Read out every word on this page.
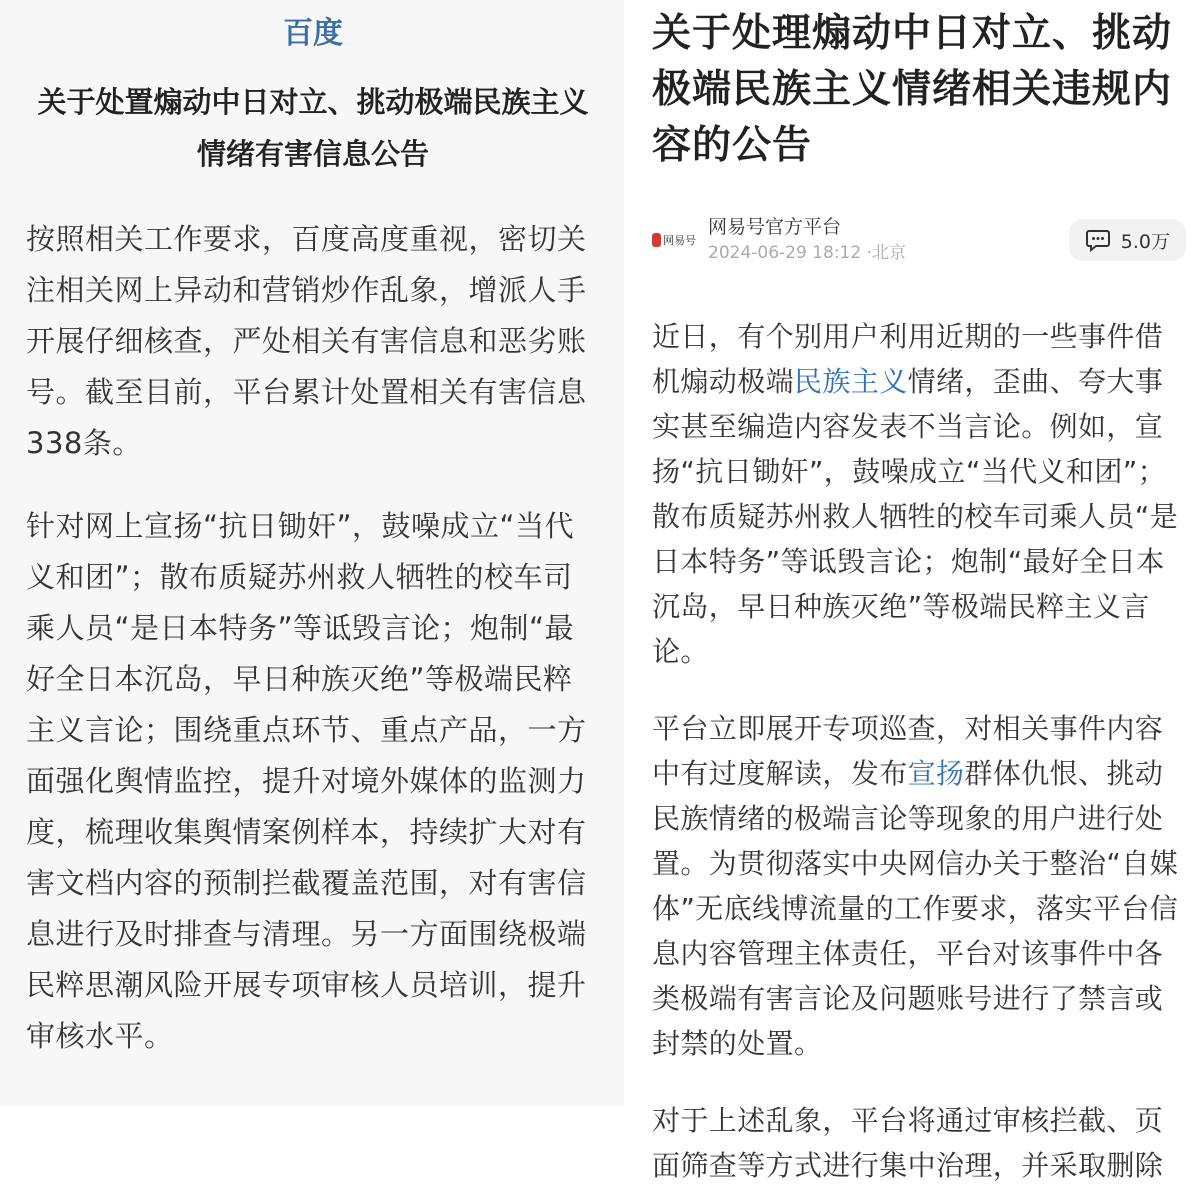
百度
关于处置煽动中日对立、挑动极端民族主义情绪有害信息公告

按照相关工作要求，百度高度重视，密切关注相关网上异动和营销炒作乱象，增派人手开展仔细核查，严处相关有害信息和恶劣账号。截至目前，平台累计处置相关有害信息338条。

针对网上宣扬“抗日锄奸”，鼓噪成立“当代义和团”；散布质疑苏州救人牺牲的校车司乘人员“是日本特务”等诋毁言论；炮制“最好全日本沉岛，早日种族灭绝”等极端民粹主义言论；围绕重点环节、重点产品，一方面强化舆情监控，提升对境外媒体的监测力度，梳理收集舆情案例样本，持续扩大对有害文档内容的预制拦截覆盖范围，对有害信息进行及时排查与清理。另一方面围绕极端民粹思潮风险开展专项审核人员培训，提升审核水平。

关于处理煽动中日对立、挑动极端民族主义情绪相关违规内容的公告
网易号
网易号官方平台
2024-06-29 18:12 ·北京
5.0万

近日，有个别用户利用近期的一些事件借机煽动极端民族主义情绪，歪曲、夸大事实甚至编造内容发表不当言论。例如，宣扬“抗日锄奸”，鼓噪成立“当代义和团”；散布质疑苏州救人牺牲的校车司乘人员“是日本特务”等诋毁言论；炮制“最好全日本沉岛，早日种族灭绝”等极端民粹主义言论。

平台立即展开专项巡查，对相关事件内容中有过度解读，发布宣扬群体仇恨、挑动民族情绪的极端言论等现象的用户进行处置。为贯彻落实中央网信办关于整治“自媒体”无底线博流量的工作要求，落实平台信息内容管理主体责任，平台对该事件中各类极端有害言论及问题账号进行了禁言或封禁的处置。

对于上述乱象，平台将通过审核拦截、页面筛查等方式进行集中治理，并采取删除
